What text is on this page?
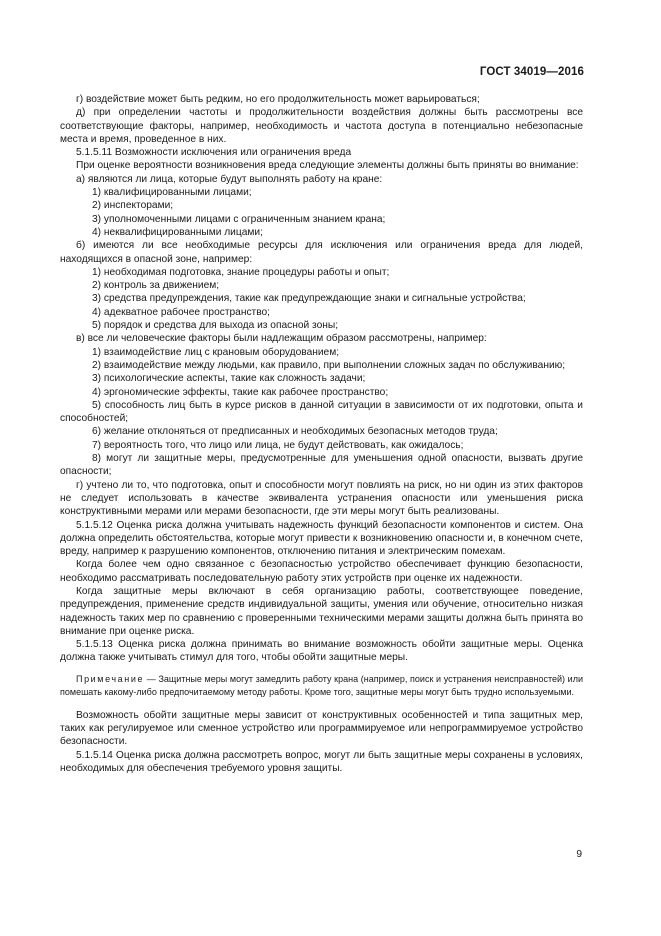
ГОСТ 34019—2016

г) воздействие может быть редким, но его продолжительность может варьироваться;

д) при определении частоты и продолжительности воздействия должны быть рассмотрены все соответствующие факторы, например, необходимость и частота доступа в потенциально небезопасные места и время, проведенное в них.

5.1.5.11 Возможности исключения или ограничения вреда

При оценке вероятности возникновения вреда следующие элементы должны быть приняты во внимание:

а) являются ли лица, которые будут выполнять работу на кране:

1) квалифицированными лицами;

2) инспекторами;

3) уполномоченными лицами с ограниченным знанием крана;

4) неквалифицированными лицами;

б) имеются ли все необходимые ресурсы для исключения или ограничения вреда для людей, находящихся в опасной зоне, например:

1) необходимая подготовка, знание процедуры работы и опыт;

2) контроль за движением;

3) средства предупреждения, такие как предупреждающие знаки и сигнальные устройства;

4) адекватное рабочее пространство;

5) порядок и средства для выхода из опасной зоны;

в) все ли человеческие факторы были надлежащим образом рассмотрены, например:

1) взаимодействие лиц с крановым оборудованием;

2) взаимодействие между людьми, как правило, при выполнении сложных задач по обслуживанию;

3) психологические аспекты, такие как сложность задачи;

4) эргономические эффекты, такие как рабочее пространство;

5) способность лиц быть в курсе рисков в данной ситуации в зависимости от их подготовки, опыта и способностей;

6) желание отклоняться от предписанных и необходимых безопасных методов труда;

7) вероятность того, что лицо или лица, не будут действовать, как ожидалось;

8) могут ли защитные меры, предусмотренные для уменьшения одной опасности, вызвать другие опасности;

г) учтено ли то, что подготовка, опыт и способности могут повлиять на риск, но ни один из этих факторов не следует использовать в качестве эквивалента устранения опасности или уменьшения риска конструктивными мерами или мерами безопасности, где эти меры могут быть реализованы.

5.1.5.12 Оценка риска должна учитывать надежность функций безопасности компонентов и систем. Она должна определить обстоятельства, которые могут привести к возникновению опасности и, в конечном счете, вреду, например к разрушению компонентов, отключению питания и электрическим помехам.

Когда более чем одно связанное с безопасностью устройство обеспечивает функцию безопасности, необходимо рассматривать последовательную работу этих устройств при оценке их надежности.

Когда защитные меры включают в себя организацию работы, соответствующее поведение, предупреждения, применение средств индивидуальной защиты, умения или обучение, относительно низкая надежность таких мер по сравнению с проверенными техническими мерами защиты должна быть принята во внимание при оценке риска.

5.1.5.13 Оценка риска должна принимать во внимание возможность обойти защитные меры. Оценка должна также учитывать стимул для того, чтобы обойти защитные меры.

Примечание — Защитные меры могут замедлить работу крана (например, поиск и устранения неисправностей) или помешать какому-либо предпочитаемому методу работы. Кроме того, защитные меры могут быть трудно используемыми.

Возможность обойти защитные меры зависит от конструктивных особенностей и типа защитных мер, таких как регулируемое или сменное устройство или программируемое или непрограммируемое устройство безопасности.

5.1.5.14 Оценка риска должна рассмотреть вопрос, могут ли быть защитные меры сохранены в условиях, необходимых для обеспечения требуемого уровня защиты.

9
